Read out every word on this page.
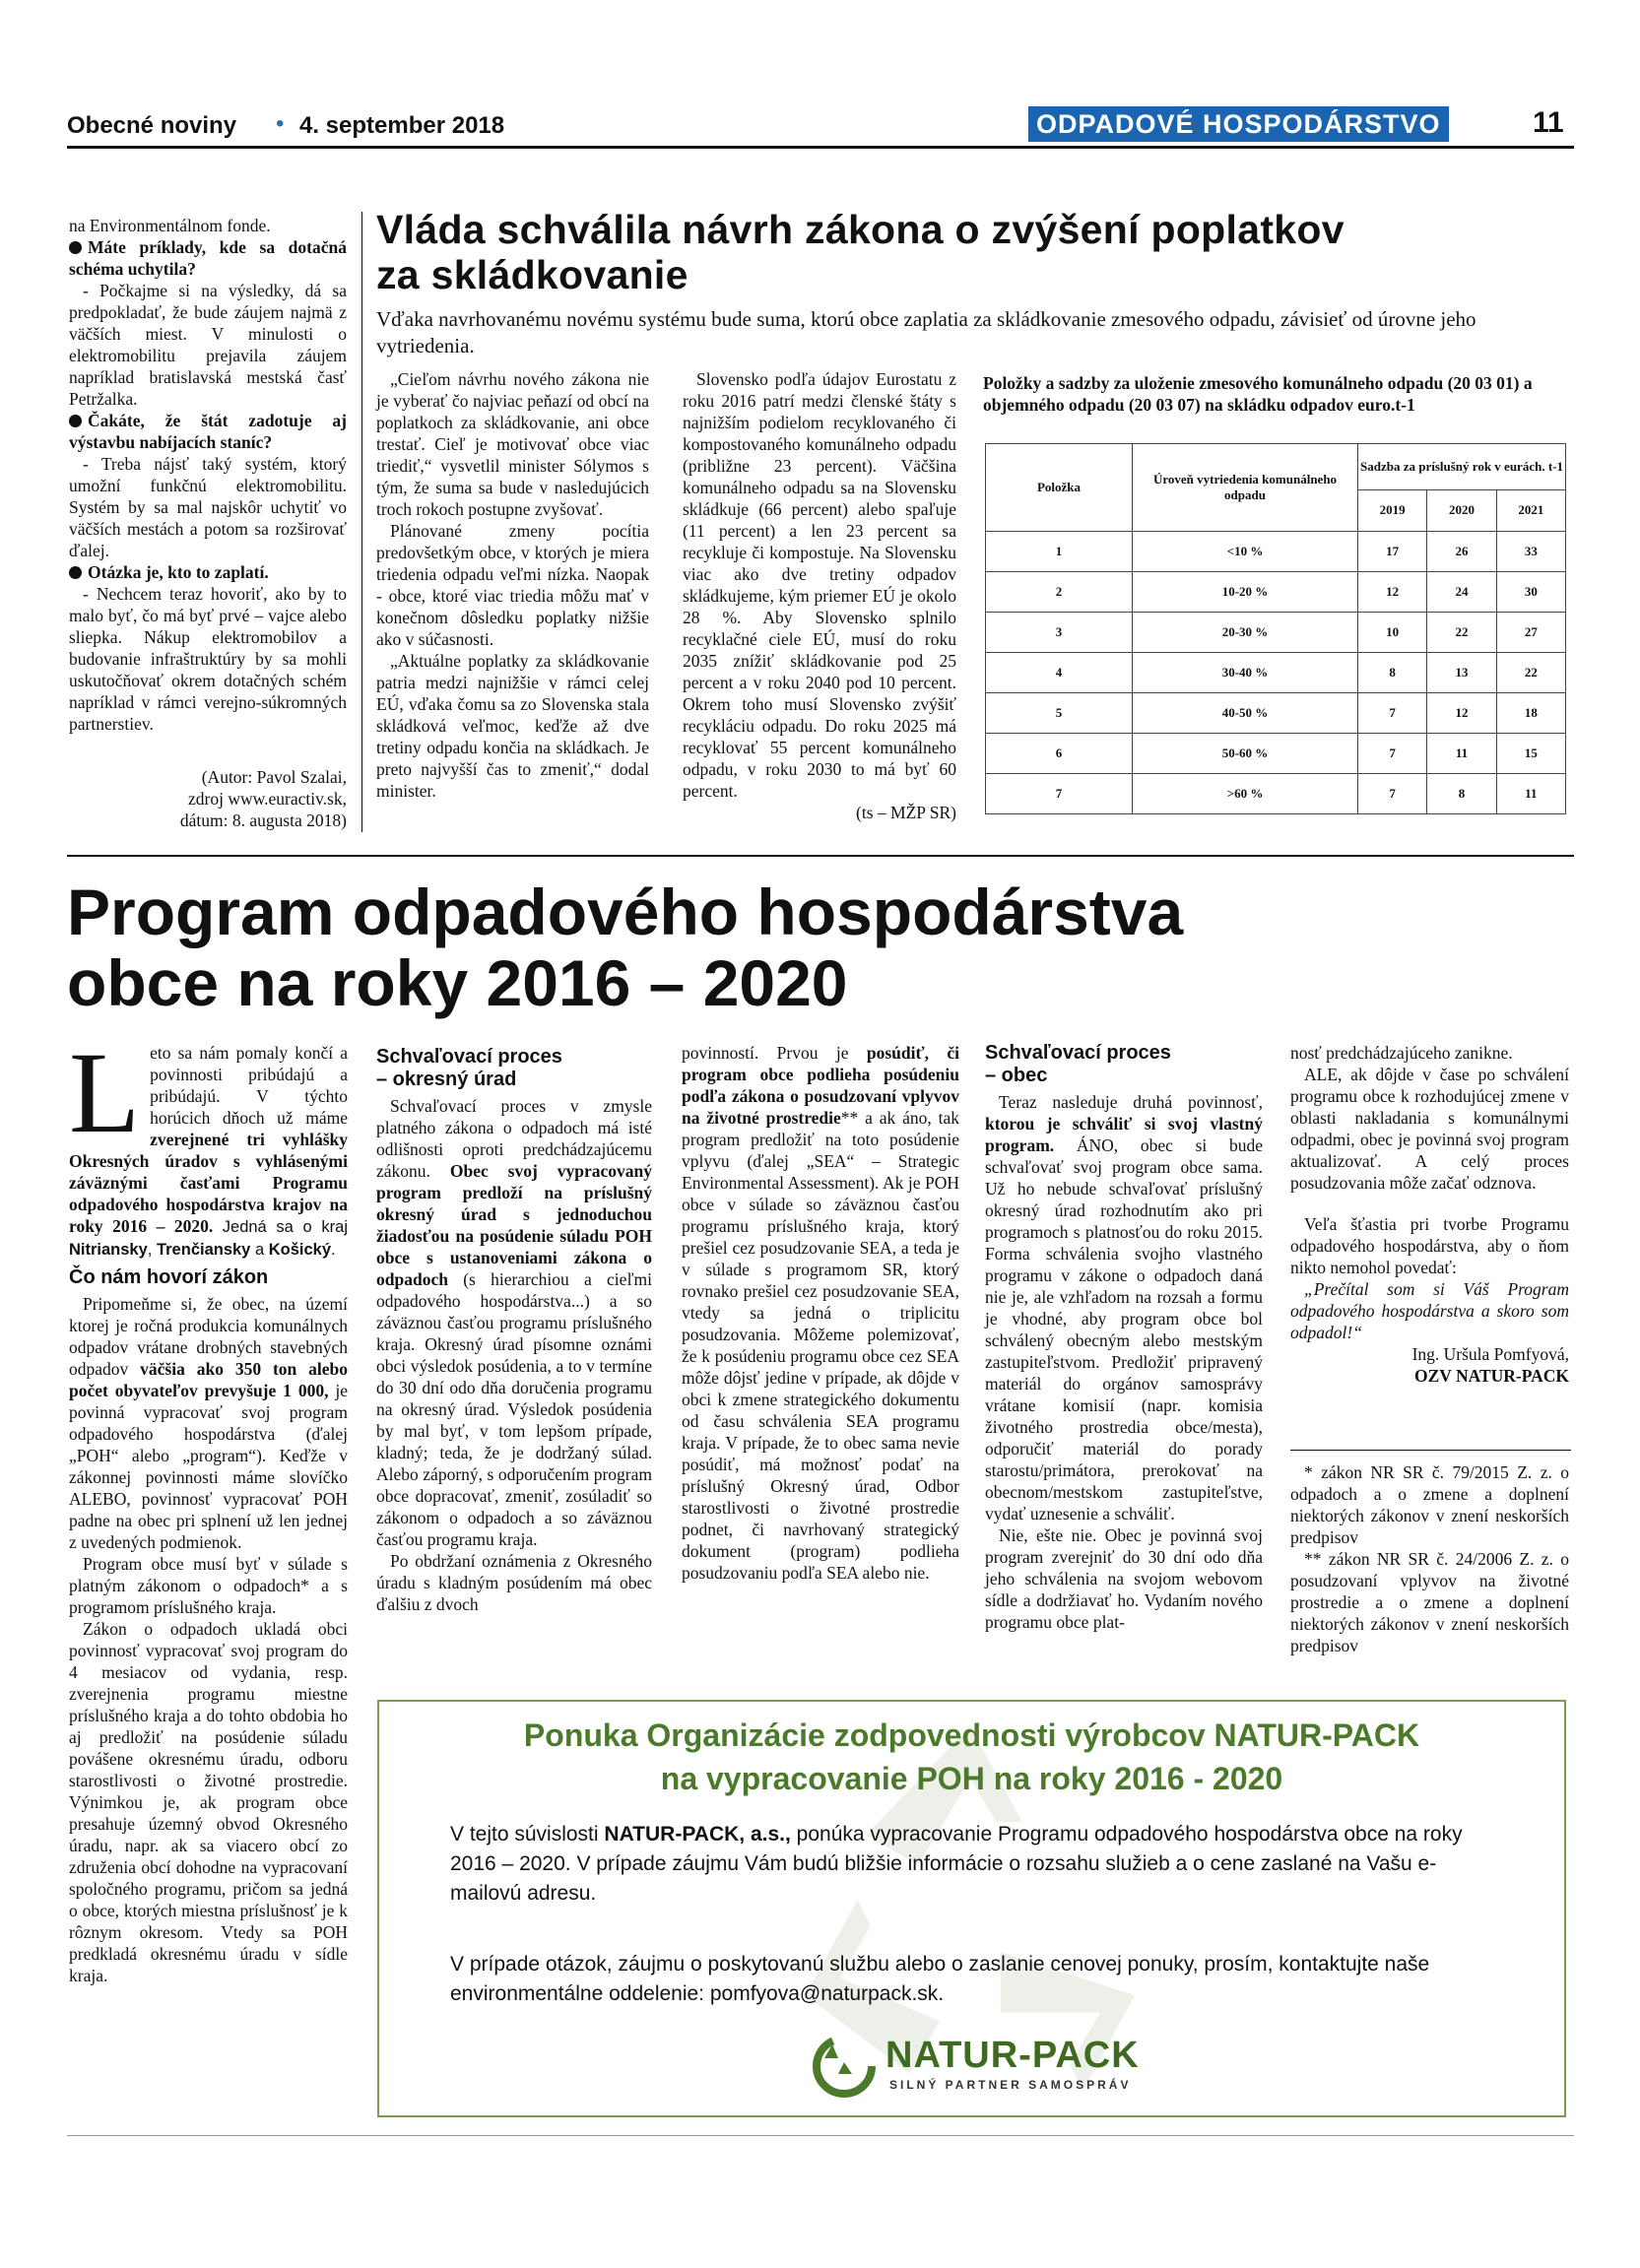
Obecné noviny • 4. september 2018	ODPADOVÉ HOSPODÁRSTVO	11

na Environmentálnom fonde.

Máte príklady, kde sa dotačná schéma uchytila?

- Počkajme si na výsledky, dá sa predpokladať, že bude záujem najmä z väčších miest. V minulosti o elektromobilitu prejavila záujem napríklad bratislavská mestská časť Petržalka.

Čakáte, že štát zadotuje aj výstavbu nabíjacích staníc?

- Treba nájsť taký systém, ktorý umožní funkčnú elektromobilitu. Systém by sa mal najskôr uchytiť vo väčších mestách a potom sa rozširovať ďalej.

Otázka je, kto to zaplatí.

- Nechcem teraz hovoriť, ako by to malo byť, čo má byť prvé – vajce alebo sliepka. Nákup elektromobilov a budovanie infraštruktúry by sa mohli uskutočňovať okrem dotačných schém napríklad v rámci verejno-súkromných partnerstiev.

(Autor: Pavol Szalai,
zdroj www.euractiv.sk,
dátum: 8. augusta 2018)
Vláda schválila návrh zákona o zvýšení poplatkov
za skládkovanie
Vďaka navrhovanému novému systému bude suma, ktorú obce zaplatia za skládkovanie zmesového odpadu, závisieť od úrovne jeho vytriedenia.

„Cieľom návrhu nového zákona nie je vyberať čo najviac peňazí od obcí na poplatkoch za skládkovanie, ani obce trestať. Cieľ je motivovať obce viac triediť,“ vysvetlil minister Sólymos s tým, že suma sa bude v nasledujúcich troch rokoch postupne zvyšovať.

Plánované zmeny pocítia predovšetkým obce, v ktorých je miera triedenia odpadu veľmi nízka. Naopak - obce, ktoré viac triedia môžu mať v konečnom dôsledku poplatky nižšie ako v súčasnosti.

„Aktuálne poplatky za skládkovanie patria medzi najnižšie v rámci celej EÚ, vďaka čomu sa zo Slovenska stala skládková veľmoc, keďže až dve tretiny odpadu končia na skládkach. Je preto najvyšší čas to zmeniť,“ dodal minister.

Slovensko podľa údajov Eurostatu z roku 2016 patrí medzi členské štáty s najnižším podielom recyklovaného či kompostovaného komunálneho odpadu (približne 23 percent). Väčšina komunálneho odpadu sa na Slovensku skládkuje (66 percent) alebo spaľuje (11 percent) a len 23 percent sa recykluje či kompostuje. Na Slovensku viac ako dve tretiny odpadov skládkujeme, kým priemer EÚ je okolo 28 %. Aby Slovensko splnilo recyklačné ciele EÚ, musí do roku 2035 znížiť skládkovanie pod 25 percent a v roku 2040 pod 10 percent. Okrem toho musí Slovensko zvýšiť recykláciu odpadu. Do roku 2025 má recyklovať 55 percent komunálneho odpadu, v roku 2030 to má byť 60 percent.

(ts – MŽP SR)

Položky a sadzby za uloženie zmesového komunálneho odpadu (20 03 01) a objemného odpadu (20 03 07) na skládku odpadov euro.t-1
Položka	Úroveň vytriedenia komunálneho odpadu	Sadzba za príslušný rok v eurách. t-1		
		2019	2020	2021
1	<10 %	17	26	33
2	10-20 %	12	24	30
3	20-30 %	10	22	27
4	30-40 %	8	13	22
5	40-50 %	7	12	18
6	50-60 %	7	11	15
7	>60 %	7	8	11
Program odpadového hospodárstva
obce na roky 2016 – 2020

Leto sa nám pomaly končí a povinnosti pribúdajú a pribúdajú. V týchto horúcich dňoch už máme zverejnené tri vyhlášky Okresných úradov s vyhlásenými záväznými časťami Programu odpadového hospodárstva krajov na roky 2016 – 2020. Jedná sa o kraj Nitriansky, Trenčiansky a Košický.

Čo nám hovorí zákon

Pripomeňme si, že obec, na území ktorej je ročná produkcia komunálnych odpadov vrátane drobných stavebných odpadov väčšia ako 350 ton alebo počet obyvateľov prevyšuje 1 000, je povinná vypracovať svoj program odpadového hospodárstva (ďalej „POH“ alebo „program“). Keďže v zákonnej povinnosti máme slovíčko ALEBO, povinnosť vypracovať POH padne na obec pri splnení už len jednej z uvedených podmienok.

Program obce musí byť v súlade s platným zákonom o odpadoch* a s programom príslušného kraja.

Zákon o odpadoch ukladá obci povinnosť vypracovať svoj program do 4 mesiacov od vydania, resp. zverejnenia programu miestne príslušného kraja a do tohto obdobia ho aj predložiť na posúdenie súladu povášene okresnému úradu, odboru starostlivosti o životné prostredie. Výnimkou je, ak program obce presahuje územný obvod Okresného úradu, napr. ak sa viacero obcí zo združenia obcí dohodne na vypracovaní spoločného programu, pričom sa jedná o obce, ktorých miestna príslušnosť je k rôznym okresom. Vtedy sa POH predkladá okresnému úradu v sídle kraja.

Schvaľovací proces
– okresný úrad

Schvaľovací proces v zmysle platného zákona o odpadoch má isté odlišnosti oproti predchádzajúcemu zákonu. Obec svoj vypracovaný program predloží na príslušný okresný úrad s jednoduchou žiadosťou na posúdenie súladu POH obce s ustanoveniami zákona o odpadoch (s hierarchiou a cieľmi odpadového hospodárstva...) a so záväznou časťou programu príslušného kraja. Okresný úrad písomne oznámi obci výsledok posúdenia, a to v termíne do 30 dní odo dňa doručenia programu na okresný úrad. Výsledok posúdenia by mal byť, v tom lepšom prípade, kladný; teda, že je dodržaný súlad. Alebo záporný, s odporučením program obce dopracovať, zmeniť, zosúladiť so zákonom o odpadoch a so záväznou časťou programu kraja.

Po obdržaní oznámenia z Okresného úradu s kladným posúdením má obec ďalšiu z dvoch

povinností. Prvou je posúdiť, či program obce podlieha posúdeniu podľa zákona o posudzovaní vplyvov na životné prostredie** a ak áno, tak program predložiť na toto posúdenie vplyvu (ďalej „SEA“ – Strategic Environmental Assessment). Ak je POH obce v súlade so záväznou časťou programu príslušného kraja, ktorý prešiel cez posudzovanie SEA, a teda je v súlade s programom SR, ktorý rovnako prešiel cez posudzovanie SEA, vtedy sa jedná o triplicitu posudzovania. Môžeme polemizovať, že k posúdeniu programu obce cez SEA môže dôjsť jedine v prípade, ak dôjde v obci k zmene strategického dokumentu od času schválenia SEA programu kraja. V prípade, že to obec sama nevie posúdiť, má možnosť podať na príslušný Okresný úrad, Odbor starostlivosti o životné prostredie podnet, či navrhovaný strategický dokument (program) podlieha posudzovaniu podľa SEA alebo nie.

Schvaľovací proces
– obec

Teraz nasleduje druhá povinnosť, ktorou je schváliť si svoj vlastný program. ÁNO, obec si bude schvaľovať svoj program obce sama. Už ho nebude schvaľovať príslušný okresný úrad rozhodnutím ako pri programoch s platnosťou do roku 2015. Forma schválenia svojho vlastného programu v zákone o odpadoch daná nie je, ale vzhľadom na rozsah a formu je vhodné, aby program obce bol schválený obecným alebo mestským zastupiteľstvom. Predložiť pripravený materiál do orgánov samosprávy vrátane komisií (napr. komisia životného prostredia obce/mesta), odporučiť materiál do porady starostu/primátora, prerokovať na obecnom/mestskom zastupiteľstve, vydať uznesenie a schváliť.

Nie, ešte nie. Obec je povinná svoj program zverejniť do 30 dní odo dňa jeho schválenia na svojom webovom sídle a dodržiavať ho. Vydaním nového programu obce plat-

nosť predchádzajúceho zanikne.

ALE, ak dôjde v čase po schválení programu obce k rozhodujúcej zmene v oblasti nakladania s komunálnymi odpadmi, obec je povinná svoj program aktualizovať. A celý proces posudzovania môže začať odznova.

Veľa šťastia pri tvorbe Programu odpadového hospodárstva, aby o ňom nikto nemohol povedať:

„Prečítal som si Váš Program odpadového hospodárstva a skoro som odpadol!“

Ing. Uršula Pomfyová,

OZV NATUR-PACK

* zákon NR SR č. 79/2015 Z. z. o odpadoch a o zmene a doplnení niektorých zákonov v znení neskorších predpisov

** zákon NR SR č. 24/2006 Z. z. o posudzovaní vplyvov na životné prostredie a o zmene a doplnení niektorých zákonov v znení neskorších predpisov

Ponuka Organizácie zodpovednosti výrobcov NATUR-PACK
na vypracovanie POH na roky 2016 - 2020

V tejto súvislosti NATUR-PACK, a.s., ponúka vypracovanie Programu odpadového hospodárstva obce na roky 2016 – 2020. V prípade záujmu Vám budú bližšie informácie o rozsahu služieb a o cene zaslané na Vašu e-mailovú adresu.

V prípade otázok, záujmu o poskytovanú službu alebo o zaslanie cenovej ponuky, prosím, kontaktujte naše environmentálne oddelenie: pomfyova@naturpack.sk.

NATUR-PACK
SILNÝ PARTNER SAMOSPRÁV
